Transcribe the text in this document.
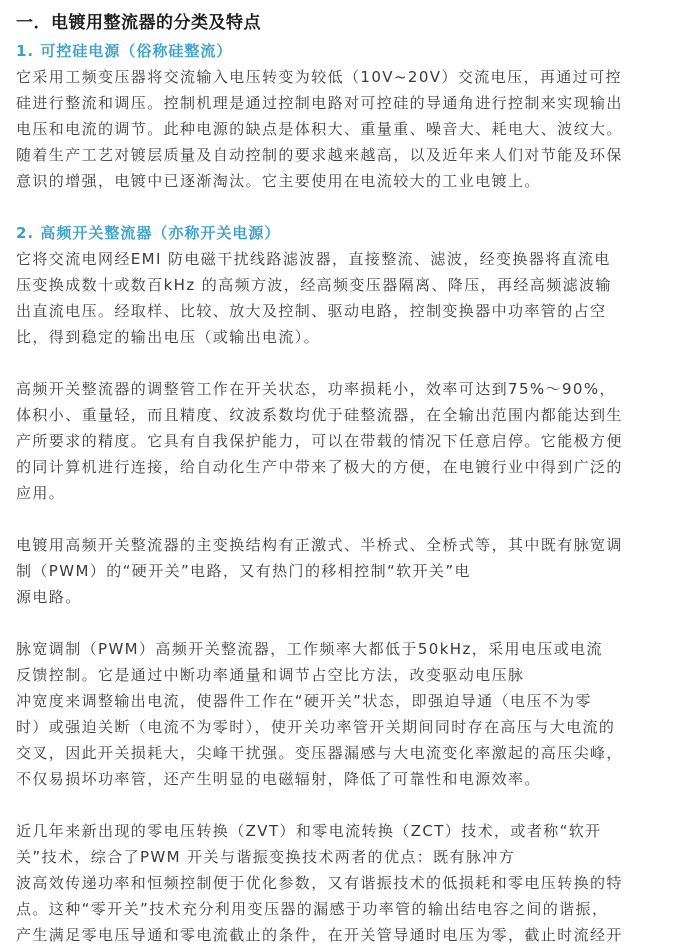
一．电镀用整流器的分类及特点
1. 可控硅电源（俗称硅整流）

它采用工频变压器将交流输入电压转变为较低（10V~20V）交流电压，再通过可控
硅进行整流和调压。控制机理是通过控制电路对可控硅的导通角进行控制来实现输出
电压和电流的调节。此种电源的缺点是体积大、重量重、噪音大、耗电大、波纹大。
随着生产工艺对镀层质量及自动控制的要求越来越高，以及近年来人们对节能及环保
意识的增强，电镀中已逐渐淘汰。它主要使用在电流较大的工业电镀上。

2. 高频开关整流器（亦称开关电源）

它将交流电网经EMI 防电磁干扰线路滤波器，直接整流、滤波，经变换器将直流电
压变换成数十或数百kHz 的高频方波，经高频变压器隔离、降压，再经高频滤波输
出直流电压。经取样、比较、放大及控制、驱动电路，控制变换器中功率管的占空
比，得到稳定的输出电压（或输出电流）。

高频开关整流器的调整管工作在开关状态，功率损耗小，效率可达到75%～90%，
体积小、重量轻，而且精度、纹波系数均优于硅整流器，在全输出范围内都能达到生
产所要求的精度。它具有自我保护能力，可以在带载的情况下任意启停。它能极方便
的同计算机进行连接，给自动化生产中带来了极大的方便，在电镀行业中得到广泛的
应用。

电镀用高频开关整流器的主变换结构有正激式、半桥式、全桥式等，其中既有脉宽调
制（PWM）的“硬开关”电路，又有热门的移相控制“软开关”电
源电路。

脉宽调制（PWM）高频开关整流器，工作频率大都低于50kHz，采用电压或电流
反馈控制。它是通过中断功率通量和调节占空比方法，改变驱动电压脉
冲宽度来调整输出电流，使器件工作在“硬开关”状态，即强迫导通（电压不为零
时）或强迫关断（电流不为零时），使开关功率管开关期间同时存在高压与大电流的
交叉，因此开关损耗大，尖峰干扰强。变压器漏感与大电流变化率激起的高压尖峰，
不仅易损坏功率管，还产生明显的电磁辐射，降低了可靠性和电源效率。

近几年来新出现的零电压转换（ZVT）和零电流转换（ZCT）技术，或者称“软开
关”技术，综合了PWM 开关与谐振变换技术两者的优点：既有脉冲方
波高效传递功率和恒频控制便于优化参数，又有谐振技术的低损耗和零电压转换的特
点。这种“零开关”技术充分利用变压器的漏感于功率管的输出结电容之间的谐振，
产生满足零电压导通和零电流截止的条件，在开关管导通时电压为零，截止时流经开
